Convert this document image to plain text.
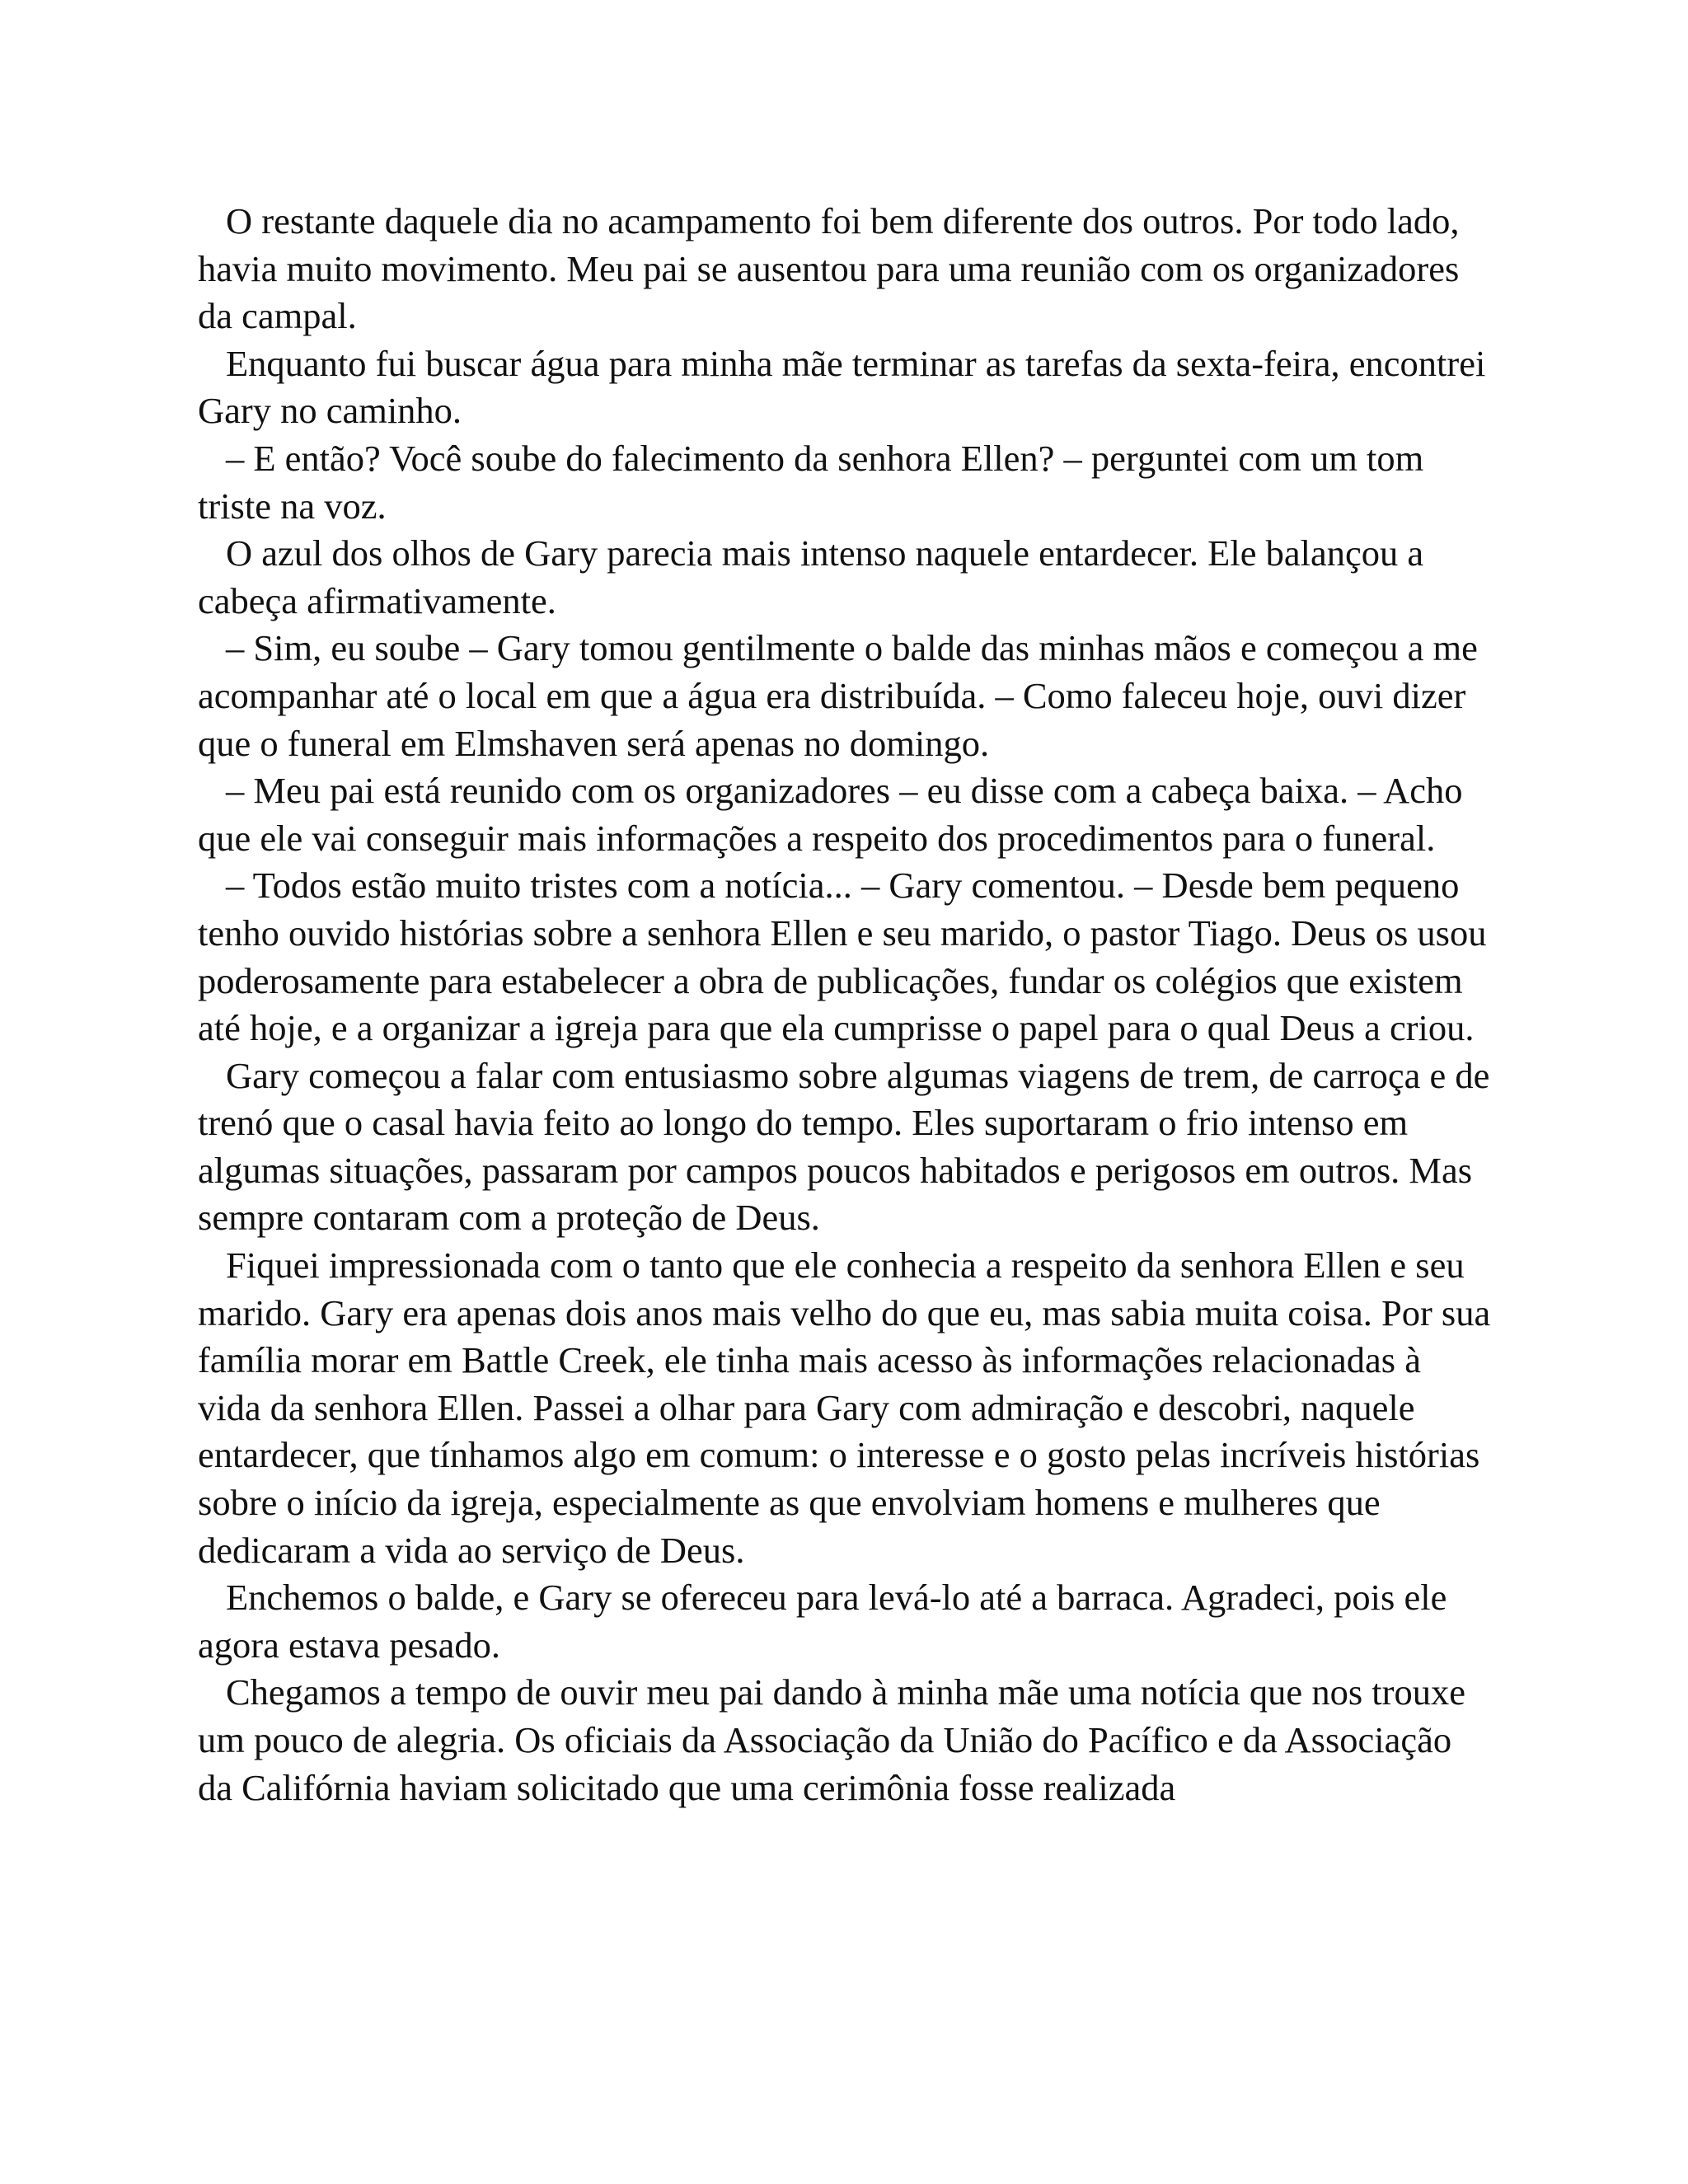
O restante daquele dia no acampamento foi bem diferente dos outros. Por todo lado, havia muito movimento. Meu pai se ausentou para uma reunião com os organizadores da campal.

Enquanto fui buscar água para minha mãe terminar as tarefas da sexta-feira, encontrei Gary no caminho.

– E então? Você soube do falecimento da senhora Ellen? – perguntei com um tom triste na voz.

O azul dos olhos de Gary parecia mais intenso naquele entardecer. Ele balançou a cabeça afirmativamente.

– Sim, eu soube – Gary tomou gentilmente o balde das minhas mãos e começou a me acompanhar até o local em que a água era distribuída. – Como faleceu hoje, ouvi dizer que o funeral em Elmshaven será apenas no domingo.

– Meu pai está reunido com os organizadores – eu disse com a cabeça baixa. – Acho que ele vai conseguir mais informações a respeito dos procedimentos para o funeral.

– Todos estão muito tristes com a notícia... – Gary comentou. – Desde bem pequeno tenho ouvido histórias sobre a senhora Ellen e seu marido, o pastor Tiago. Deus os usou poderosamente para estabelecer a obra de publicações, fundar os colégios que existem até hoje, e a organizar a igreja para que ela cumprisse o papel para o qual Deus a criou.

Gary começou a falar com entusiasmo sobre algumas viagens de trem, de carroça e de trenó que o casal havia feito ao longo do tempo. Eles suportaram o frio intenso em algumas situações, passaram por campos poucos habitados e perigosos em outros. Mas sempre contaram com a proteção de Deus.

Fiquei impressionada com o tanto que ele conhecia a respeito da senhora Ellen e seu marido. Gary era apenas dois anos mais velho do que eu, mas sabia muita coisa. Por sua família morar em Battle Creek, ele tinha mais acesso às informações relacionadas à vida da senhora Ellen. Passei a olhar para Gary com admiração e descobri, naquele entardecer, que tínhamos algo em comum: o interesse e o gosto pelas incríveis histórias sobre o início da igreja, especialmente as que envolviam homens e mulheres que dedicaram a vida ao serviço de Deus.

Enchemos o balde, e Gary se ofereceu para levá-lo até a barraca. Agradeci, pois ele agora estava pesado.

Chegamos a tempo de ouvir meu pai dando à minha mãe uma notícia que nos trouxe um pouco de alegria. Os oficiais da Associação da União do Pacífico e da Associação da Califórnia haviam solicitado que uma cerimônia fosse realizada
